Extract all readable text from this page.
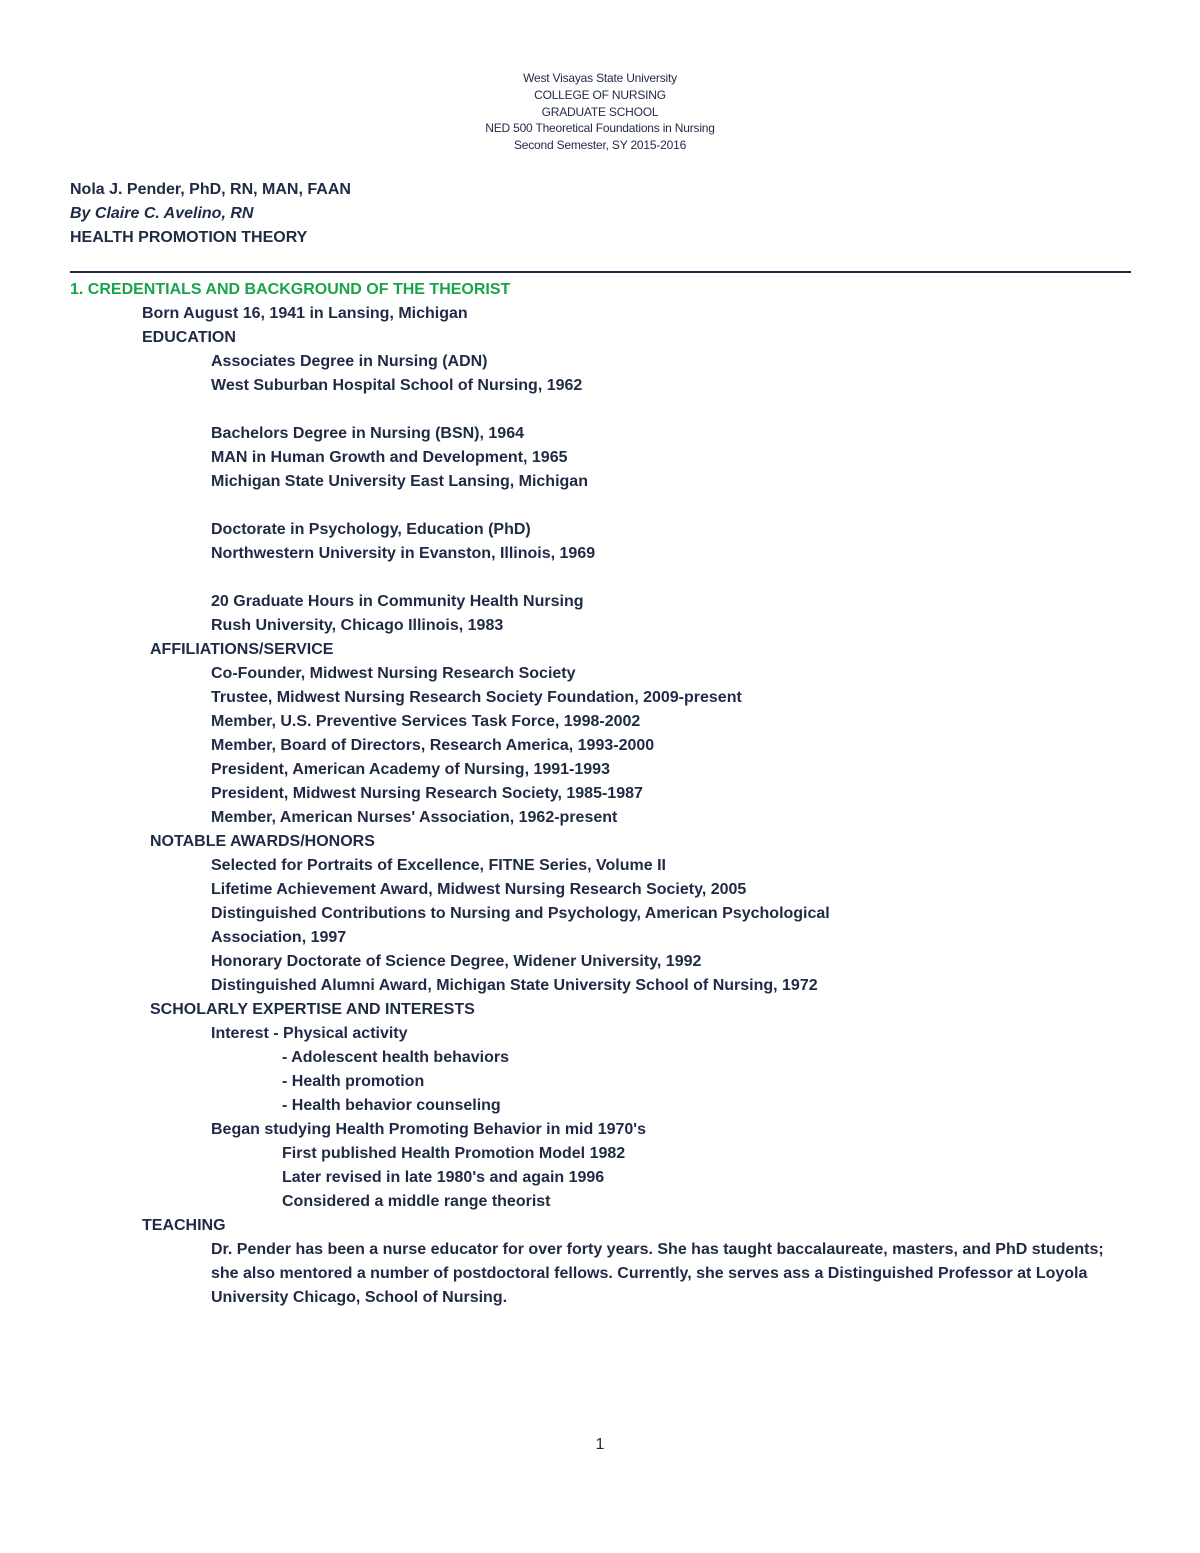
West Visayas State University
COLLEGE OF NURSING
GRADUATE SCHOOL
NED 500 Theoretical Foundations in Nursing
Second Semester, SY 2015-2016
Nola J. Pender, PhD, RN, MAN, FAAN
By Claire C. Avelino, RN
HEALTH PROMOTION THEORY
1. CREDENTIALS AND BACKGROUND OF THE THEORIST
Born August 16, 1941 in Lansing, Michigan
EDUCATION
Associates Degree in Nursing (ADN)
West Suburban Hospital School of Nursing, 1962
Bachelors Degree in Nursing (BSN), 1964
MAN in Human Growth and Development, 1965
Michigan State University East Lansing, Michigan
Doctorate in Psychology, Education (PhD)
Northwestern University in Evanston, Illinois, 1969
20 Graduate Hours in Community Health Nursing
Rush University, Chicago Illinois, 1983
AFFILIATIONS/SERVICE
Co-Founder, Midwest Nursing Research Society
Trustee, Midwest Nursing Research Society Foundation, 2009-present
Member, U.S. Preventive Services Task Force, 1998-2002
Member, Board of Directors, Research America, 1993-2000
President, American Academy of Nursing, 1991-1993
President, Midwest Nursing Research Society, 1985-1987
Member, American Nurses' Association, 1962-present
NOTABLE AWARDS/HONORS
Selected for Portraits of Excellence, FITNE Series, Volume II
Lifetime Achievement Award, Midwest Nursing Research Society, 2005
Distinguished Contributions to Nursing and Psychology, American Psychological
Association, 1997
Honorary Doctorate of Science Degree, Widener University, 1992
Distinguished Alumni Award, Michigan State University School of Nursing, 1972
SCHOLARLY EXPERTISE AND INTERESTS
Interest - Physical activity
- Adolescent health behaviors
- Health promotion
- Health behavior counseling
Began studying Health Promoting Behavior in mid 1970's
First published Health Promotion Model 1982
Later revised in late 1980's and again 1996
Considered a middle range theorist
TEACHING
Dr. Pender has been a nurse educator for over forty years. She has taught baccalaureate, masters, and PhD students; she also mentored a number of postdoctoral fellows. Currently, she serves ass a Distinguished Professor at Loyola University Chicago, School of Nursing.
1
